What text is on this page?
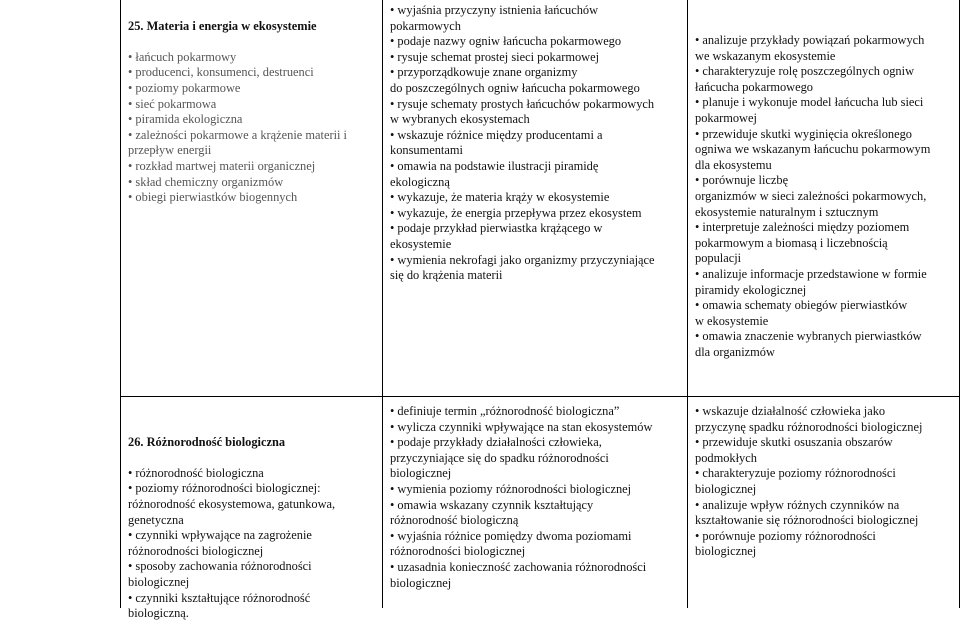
25. Materia i energia w ekosystemie

• łańcuch pokarmowy
• producenci, konsumenci, destruenci
• poziomy pokarmowe
• sieć pokarmowa
• piramida ekologiczna
• zależności pokarmowe a krążenie materii i
przepływ energii
• rozkład martwej materii organicznej
• skład chemiczny organizmów
• obiegi pierwiastków biogennych

• wyjaśnia przyczyny istnienia łańcuchów
pokarmowych
• podaje nazwy ogniw łańcucha pokarmowego
• rysuje schemat prostej sieci pokarmowej
• przyporządkowuje znane organizmy
do poszczególnych ogniw łańcucha pokarmowego
• rysuje schematy prostych łańcuchów pokarmowych
w wybranych ekosystemach
• wskazuje różnice między producentami a
konsumentami
• omawia na podstawie ilustracji piramidę
ekologiczną
• wykazuje, że materia krąży w ekosystemie
• wykazuje, że energia przepływa przez ekosystem
• podaje przykład pierwiastka krążącego w
ekosystemie
• wymienia nekrofagi jako organizmy przyczyniające
się do krążenia materii
• analizuje przykłady powiązań pokarmowych
we wskazanym ekosystemie
• charakteryzuje rolę poszczególnych ogniw
łańcucha pokarmowego
• planuje i wykonuje model łańcucha lub sieci
pokarmowej
• przewiduje skutki wyginięcia określonego
ogniwa we wskazanym łańcuchu pokarmowym
dla ekosystemu
• porównuje liczbę
organizmów w sieci zależności pokarmowych,
ekosystemie naturalnym i sztucznym
• interpretuje zależności między poziomem
pokarmowym a biomasą i liczebnością
populacji
• analizuje informacje przedstawione w formie
piramidy ekologicznej
• omawia schematy obiegów pierwiastków
w ekosystemie
• omawia znaczenie wybranych pierwiastków
dla organizmów

26. Różnorodność biologiczna

• różnorodność biologiczna
• poziomy różnorodności biologicznej:
różnorodność ekosystemowa, gatunkowa,
genetyczna
• czynniki wpływające na zagrożenie
różnorodności biologicznej
• sposoby zachowania różnorodności
biologicznej
• czynniki kształtujące różnorodność
biologiczną.

• definiuje termin „różnorodność biologiczna”
• wylicza czynniki wpływające na stan ekosystemów
• podaje przykłady działalności człowieka,
przyczyniające się do spadku różnorodności
biologicznej
• wymienia poziomy różnorodności biologicznej
• omawia wskazany czynnik kształtujący
różnorodność biologiczną
• wyjaśnia różnice pomiędzy dwoma poziomami
różnorodności biologicznej
• uzasadnia konieczność zachowania różnorodności
biologicznej
• wskazuje działalność człowieka jako
przyczynę spadku różnorodności biologicznej
• przewiduje skutki osuszania obszarów
podmokłych
• charakteryzuje poziomy różnorodności
biologicznej
• analizuje wpływ różnych czynników na
kształtowanie się różnorodności biologicznej
• porównuje poziomy różnorodności
biologicznej
